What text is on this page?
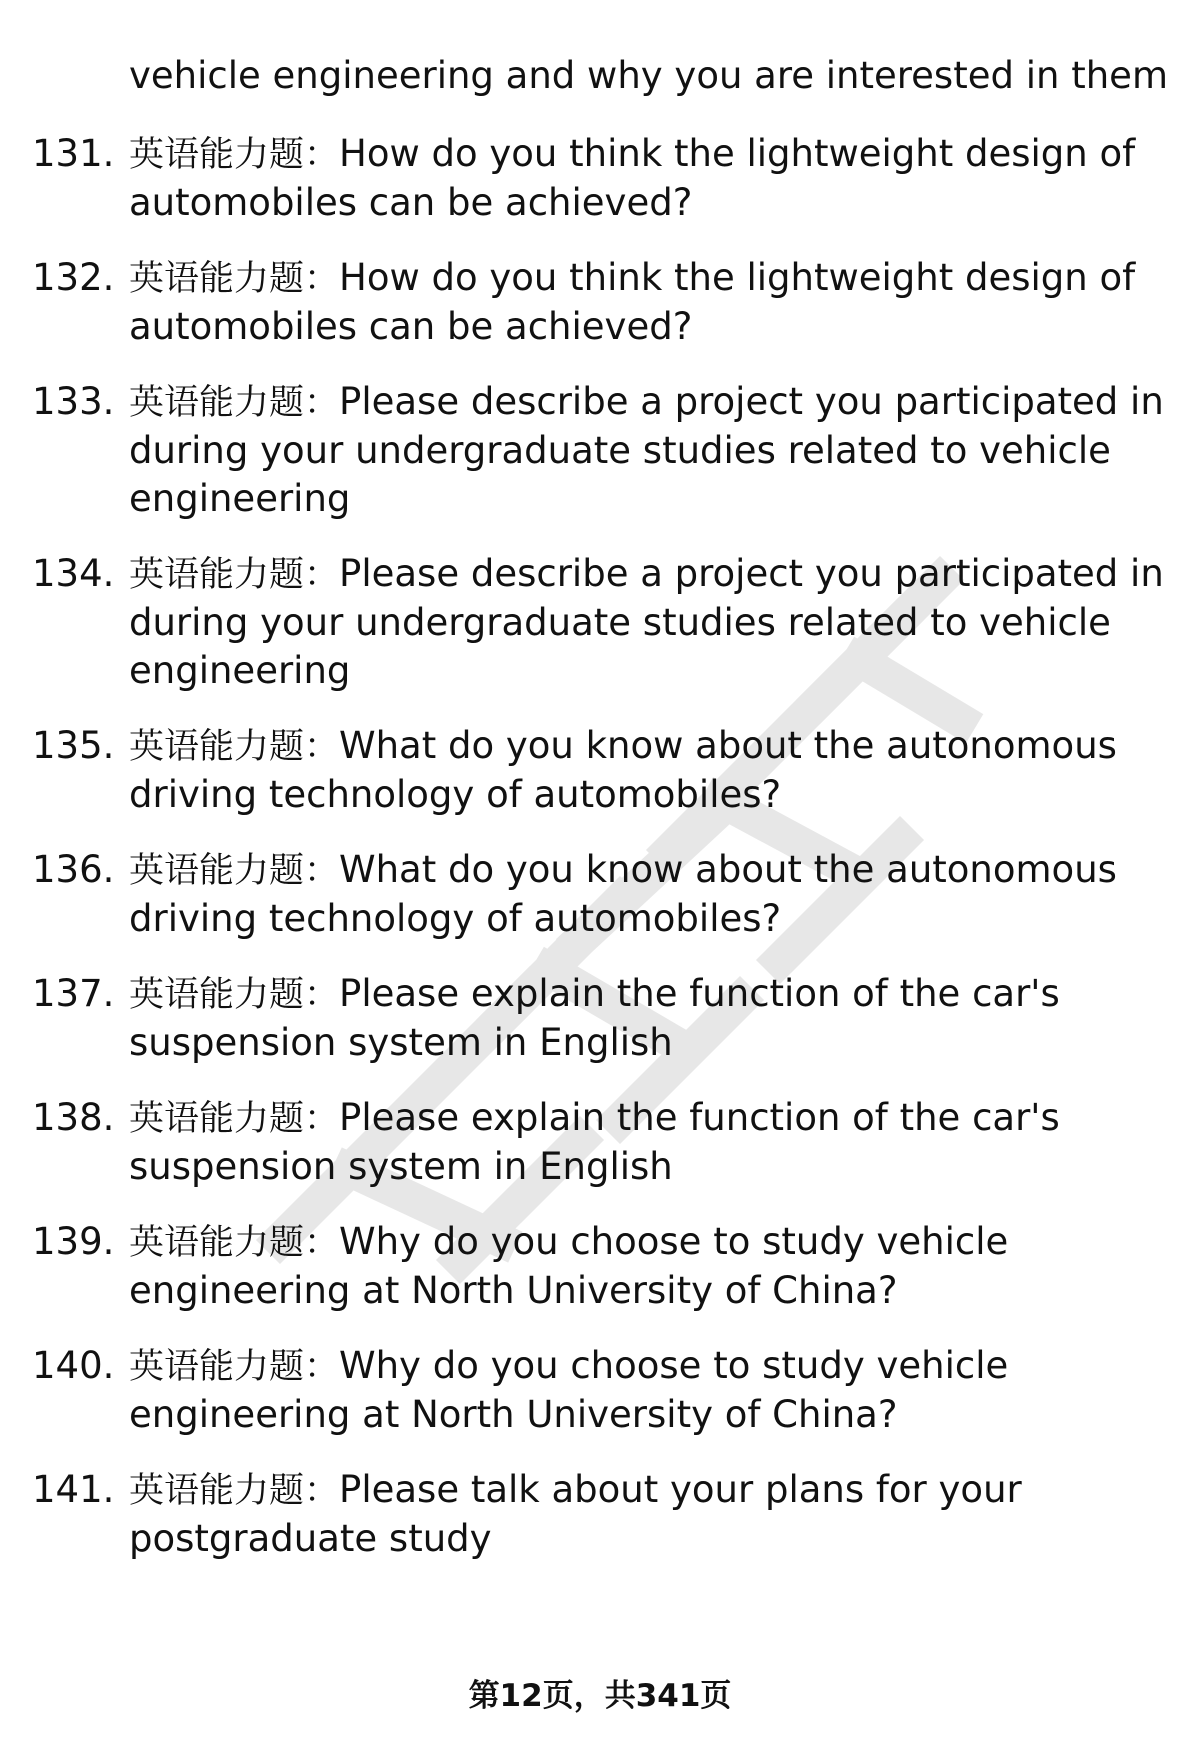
vehicle engineering and why you are interested in them
131. 英语能力题：How do you think the lightweight design of automobiles can be achieved?
132. 英语能力题：How do you think the lightweight design of automobiles can be achieved?
133. 英语能力题：Please describe a project you participated in during your undergraduate studies related to vehicle engineering
134. 英语能力题：Please describe a project you participated in during your undergraduate studies related to vehicle engineering
135. 英语能力题：What do you know about the autonomous driving technology of automobiles?
136. 英语能力题：What do you know about the autonomous driving technology of automobiles?
137. 英语能力题：Please explain the function of the car's suspension system in English
138. 英语能力题：Please explain the function of the car's suspension system in English
139. 英语能力题：Why do you choose to study vehicle engineering at North University of China?
140. 英语能力题：Why do you choose to study vehicle engineering at North University of China?
141. 英语能力题：Please talk about your plans for your postgraduate study
第12页，共341页
